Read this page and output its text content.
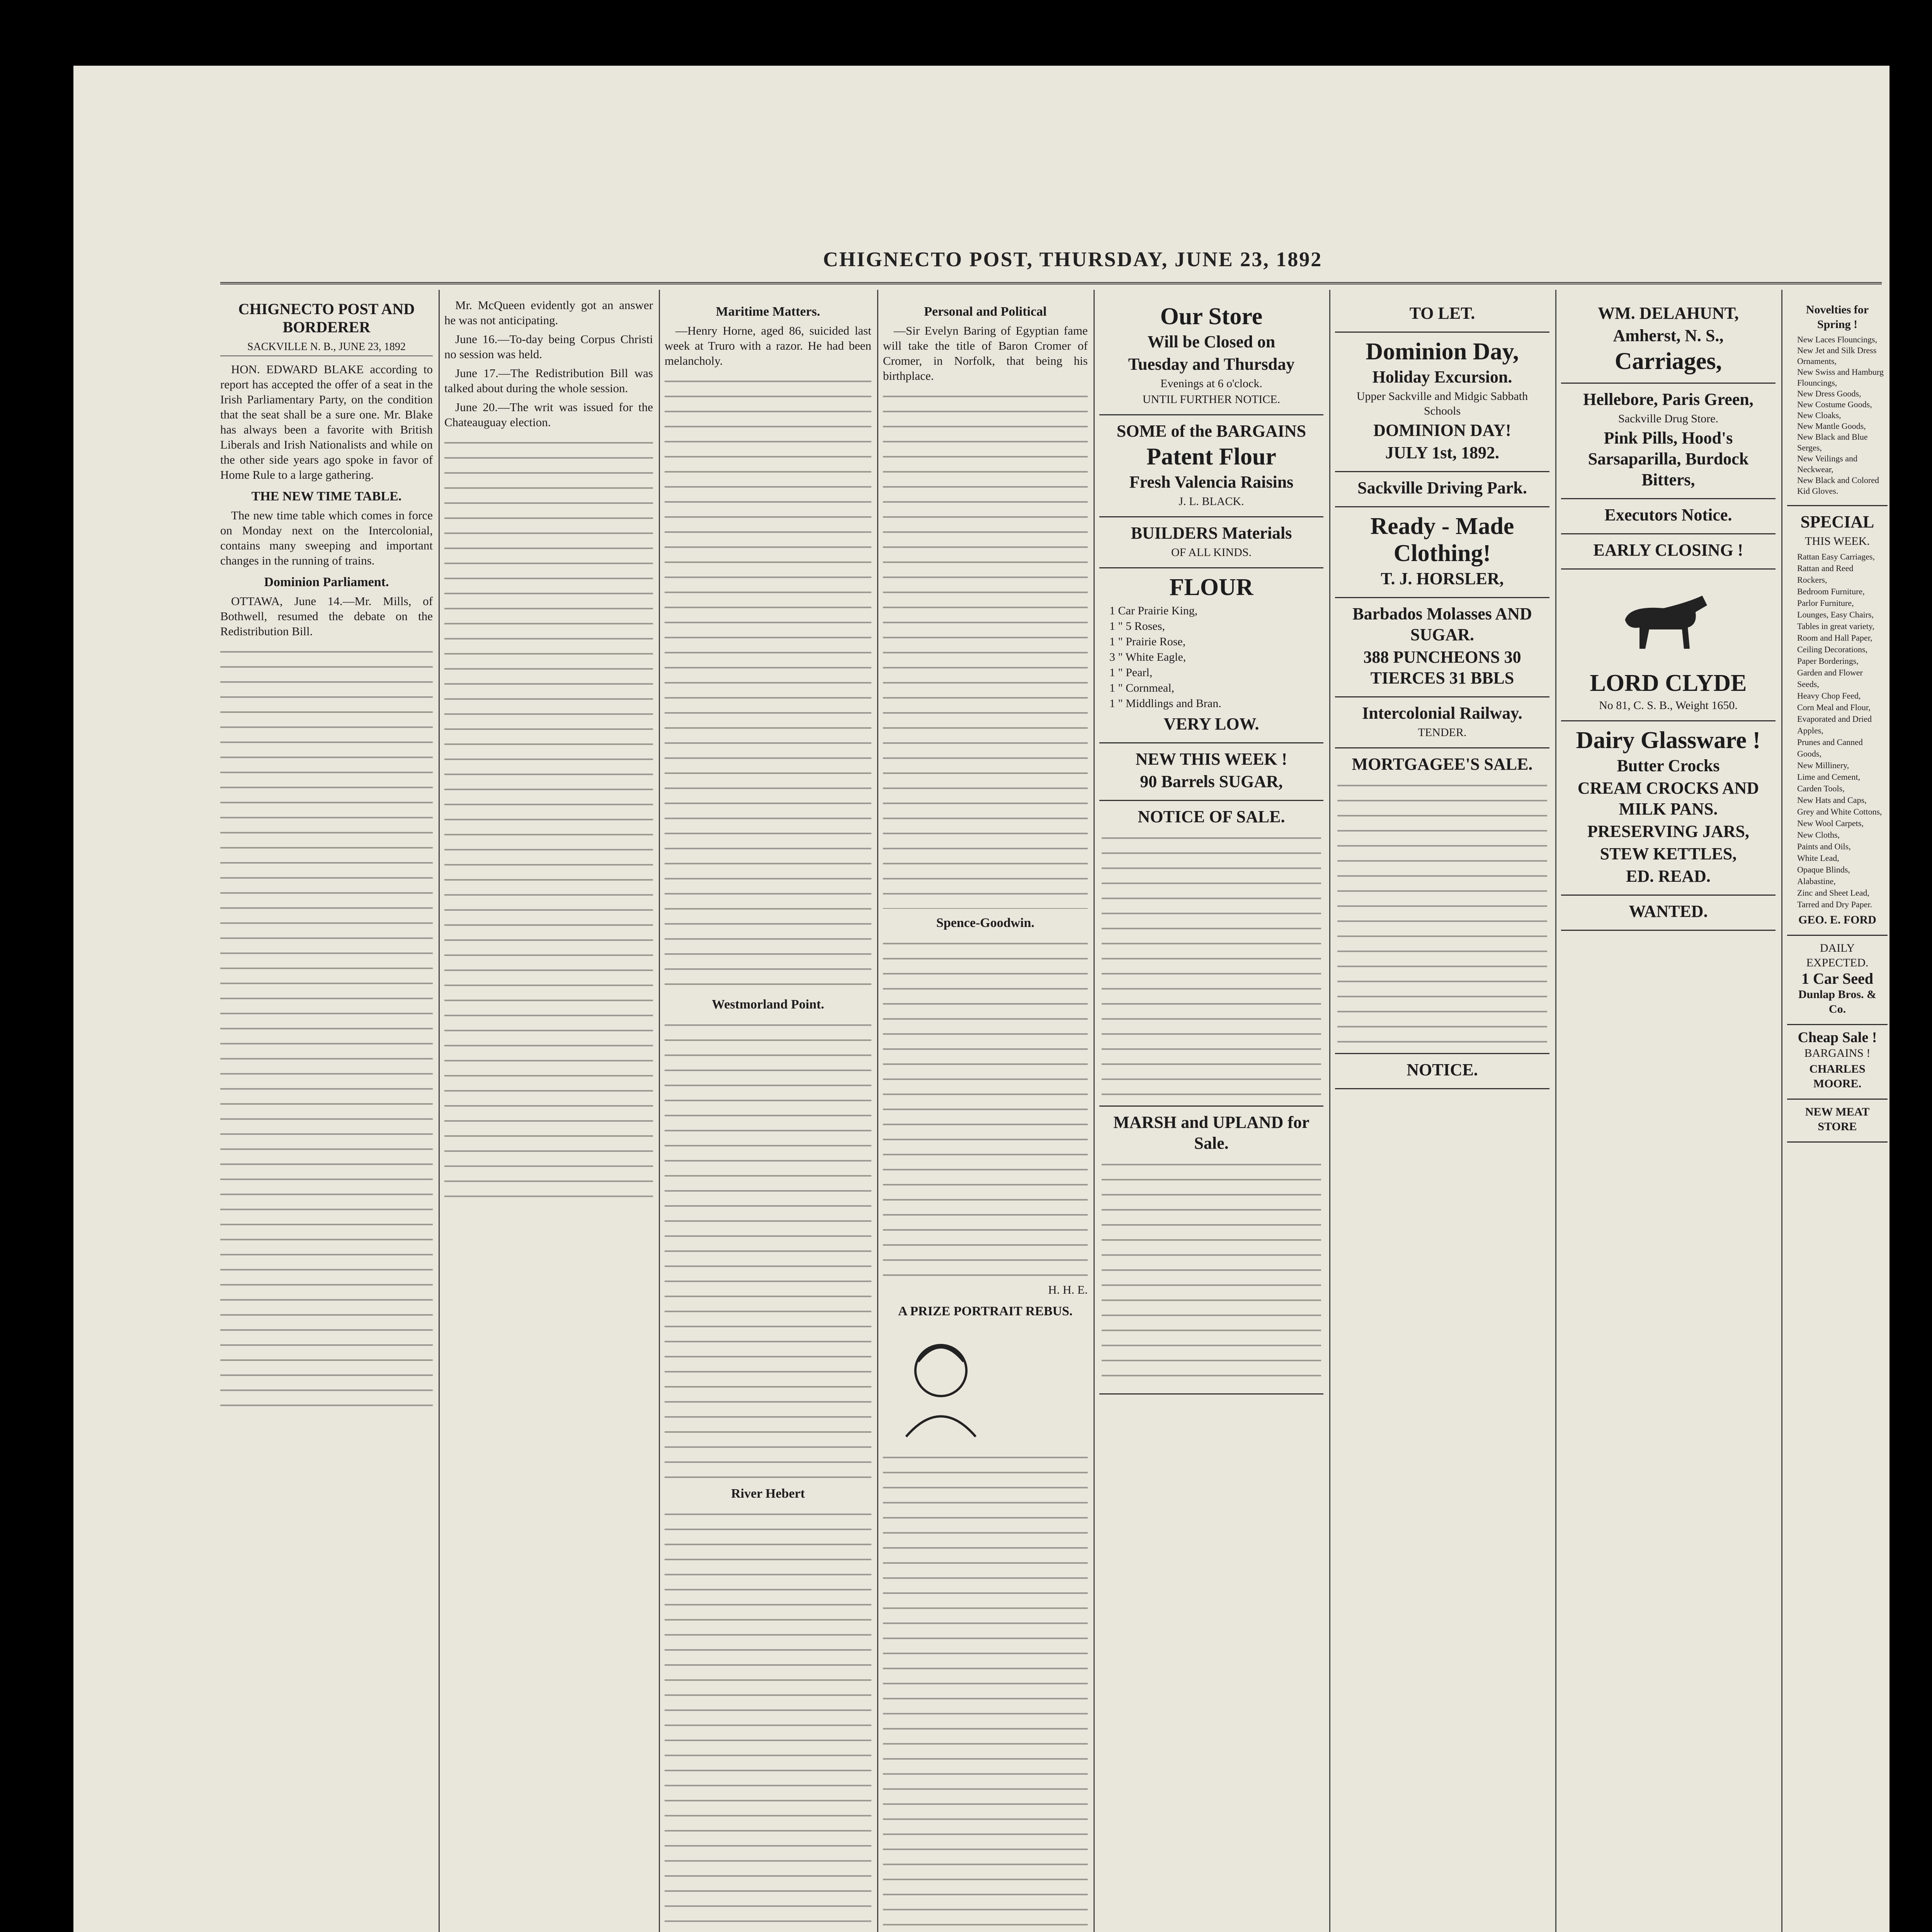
CHIGNECTO POST, THURSDAY, JUNE 23, 1892
CHIGNECTO POST AND BORDERER
SACKVILLE N. B., JUNE 23, 1892

HON. EDWARD BLAKE according to report has accepted the offer of a seat in the Irish Parliamentary Party, on the condition that the seat shall be a sure one. Mr. Blake has always been a favorite with British Liberals and Irish Nationalists and while on the other side years ago spoke in favor of Home Rule to a large gathering.

THE NEW TIME TABLE.

The new time table which comes in force on Monday next on the Intercolonial, contains many sweeping and important changes in the running of trains.

Dominion Parliament.

OTTAWA, June 14.—Mr. Mills, of Bothwell, resumed the debate on the Redistribution Bill.

Mr. McQueen evidently got an answer he was not anticipating.

June 16.—To-day being Corpus Christi no session was held.

June 17.—The Redistribution Bill was talked about during the whole session.

June 20.—The writ was issued for the Chateauguay election.

Maritime Matters.

—Henry Horne, aged 86, suicided last week at Truro with a razor. He had been melancholy.

Westmorland Point.
River Hebert
Personal and Political

—Sir Evelyn Baring of Egyptian fame will take the title of Baron Cromer of Cromer, in Norfolk, that being his birthplace.

Spence-Goodwin.

H. H. E.

A PRIZE PORTRAIT REBUS.
Our Store
Will be Closed on
Tuesday and Thursday
Evenings at 6 o'clock.
UNTIL FURTHER NOTICE.
SOME of the BARGAINS
Patent Flour
Fresh Valencia Raisins
J. L. BLACK.
BUILDERS Materials
OF ALL KINDS.
FLOUR
1 Car Prairie King,
1 " 5 Roses,
1 " Prairie Rose,
3 " White Eagle,
1 " Pearl,
1 " Cornmeal,
1 " Middlings and Bran.
VERY LOW.
NEW THIS WEEK !
90 Barrels SUGAR,
NOTICE OF SALE.
MARSH and UPLAND for Sale.
TO LET.
Dominion Day,
Holiday Excursion.
Upper Sackville and Midgic Sabbath Schools
DOMINION DAY!
JULY 1st, 1892.
Sackville Driving Park.
Ready - Made Clothing!
T. J. HORSLER,
Barbados Molasses AND SUGAR.
388 PUNCHEONS 30 TIERCES 31 BBLS
Intercolonial Railway.
TENDER.
MORTGAGEE'S SALE.
NOTICE.
WM. DELAHUNT,
Amherst, N. S.,
Carriages,
Hellebore, Paris Green,
Sackville Drug Store.
Pink Pills, Hood's Sarsaparilla, Burdock Bitters,
Executors Notice.
EARLY CLOSING !
LORD CLYDE
No 81, C. S. B., Weight 1650.
Dairy Glassware !
Butter Crocks
CREAM CROCKS AND MILK PANS.
PRESERVING JARS,
STEW KETTLES,
ED. READ.
WANTED.
Novelties for Spring !
New Laces Flouncings,
New Jet and Silk Dress Ornaments,
New Swiss and Hamburg Flouncings,
New Dress Goods,
New Costume Goods,
New Cloaks,
New Mantle Goods,
New Black and Blue Serges,
New Veilings and Neckwear,
New Black and Colored Kid Gloves.
SPECIAL
THIS WEEK.
Rattan Easy Carriages,
Rattan and Reed Rockers,
Bedroom Furniture,
Parlor Furniture,
Lounges, Easy Chairs,
Tables in great variety,
Room and Hall Paper,
Ceiling Decorations,
Paper Borderings,
Garden and Flower Seeds,
Heavy Chop Feed,
Corn Meal and Flour,
Evaporated and Dried Apples,
Prunes and Canned Goods,
New Millinery,
Lime and Cement,
Carden Tools,
New Hats and Caps,
Grey and White Cottons,
New Wool Carpets,
New Cloths,
Paints and Oils,
White Lead,
Opaque Blinds,
Alabastine,
Zinc and Sheet Lead,
Tarred and Dry Paper.
GEO. E. FORD
DAILY EXPECTED.
1 Car Seed
Dunlap Bros. & Co.
Cheap Sale !
BARGAINS !
CHARLES MOORE.
NEW MEAT STORE
